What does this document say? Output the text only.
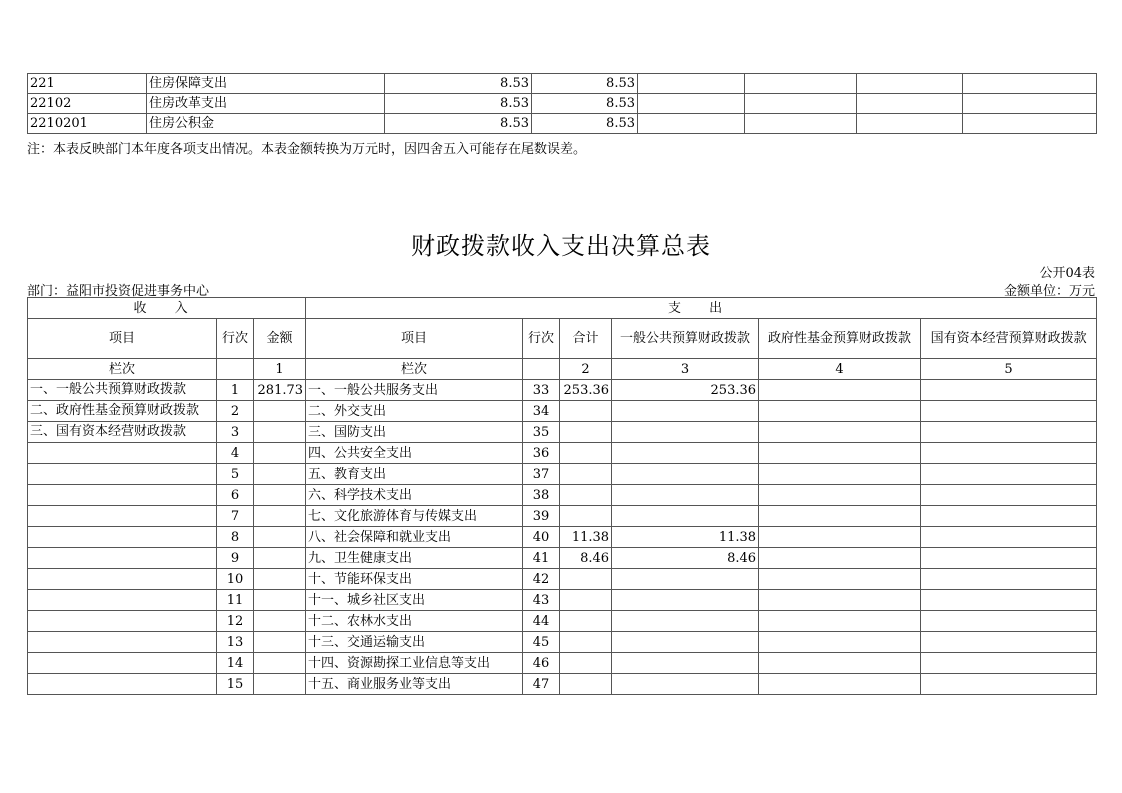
221	住房保障支出	8.53	8.53				
22102	住房改革支出	8.53	8.53				
2210201	住房公积金	8.53	8.53				
注：本表反映部门本年度各项支出情况。本表金额转换为万元时，因四舍五入可能存在尾数误差。
财政拨款收入支出决算总表
公开04表
部门：益阳市投资促进事务中心	金额单位：万元
收 入			支 出					
项目	行次	金额	项目	行次	合计	一般公共预算财政拨款	政府性基金预算财政拨款	国有资本经营预算财政拨款
栏次		1	栏次		2	3	4	5
一、一般公共预算财政拨款	1	281.73	一、一般公共服务支出	33	253.36	253.36		
二、政府性基金预算财政拨款	2		二、外交支出	34				
三、国有资本经营财政拨款	3		三、国防支出	35				
	4		四、公共安全支出	36				
	5		五、教育支出	37				
	6		六、科学技术支出	38				
	7		七、文化旅游体育与传媒支出	39				
	8		八、社会保障和就业支出	40	11.38	11.38		
	9		九、卫生健康支出	41	8.46	8.46		
	10		十、节能环保支出	42				
	11		十一、城乡社区支出	43				
	12		十二、农林水支出	44				
	13		十三、交通运输支出	45				
	14		十四、资源勘探工业信息等支出	46				
	15		十五、商业服务业等支出	47				
